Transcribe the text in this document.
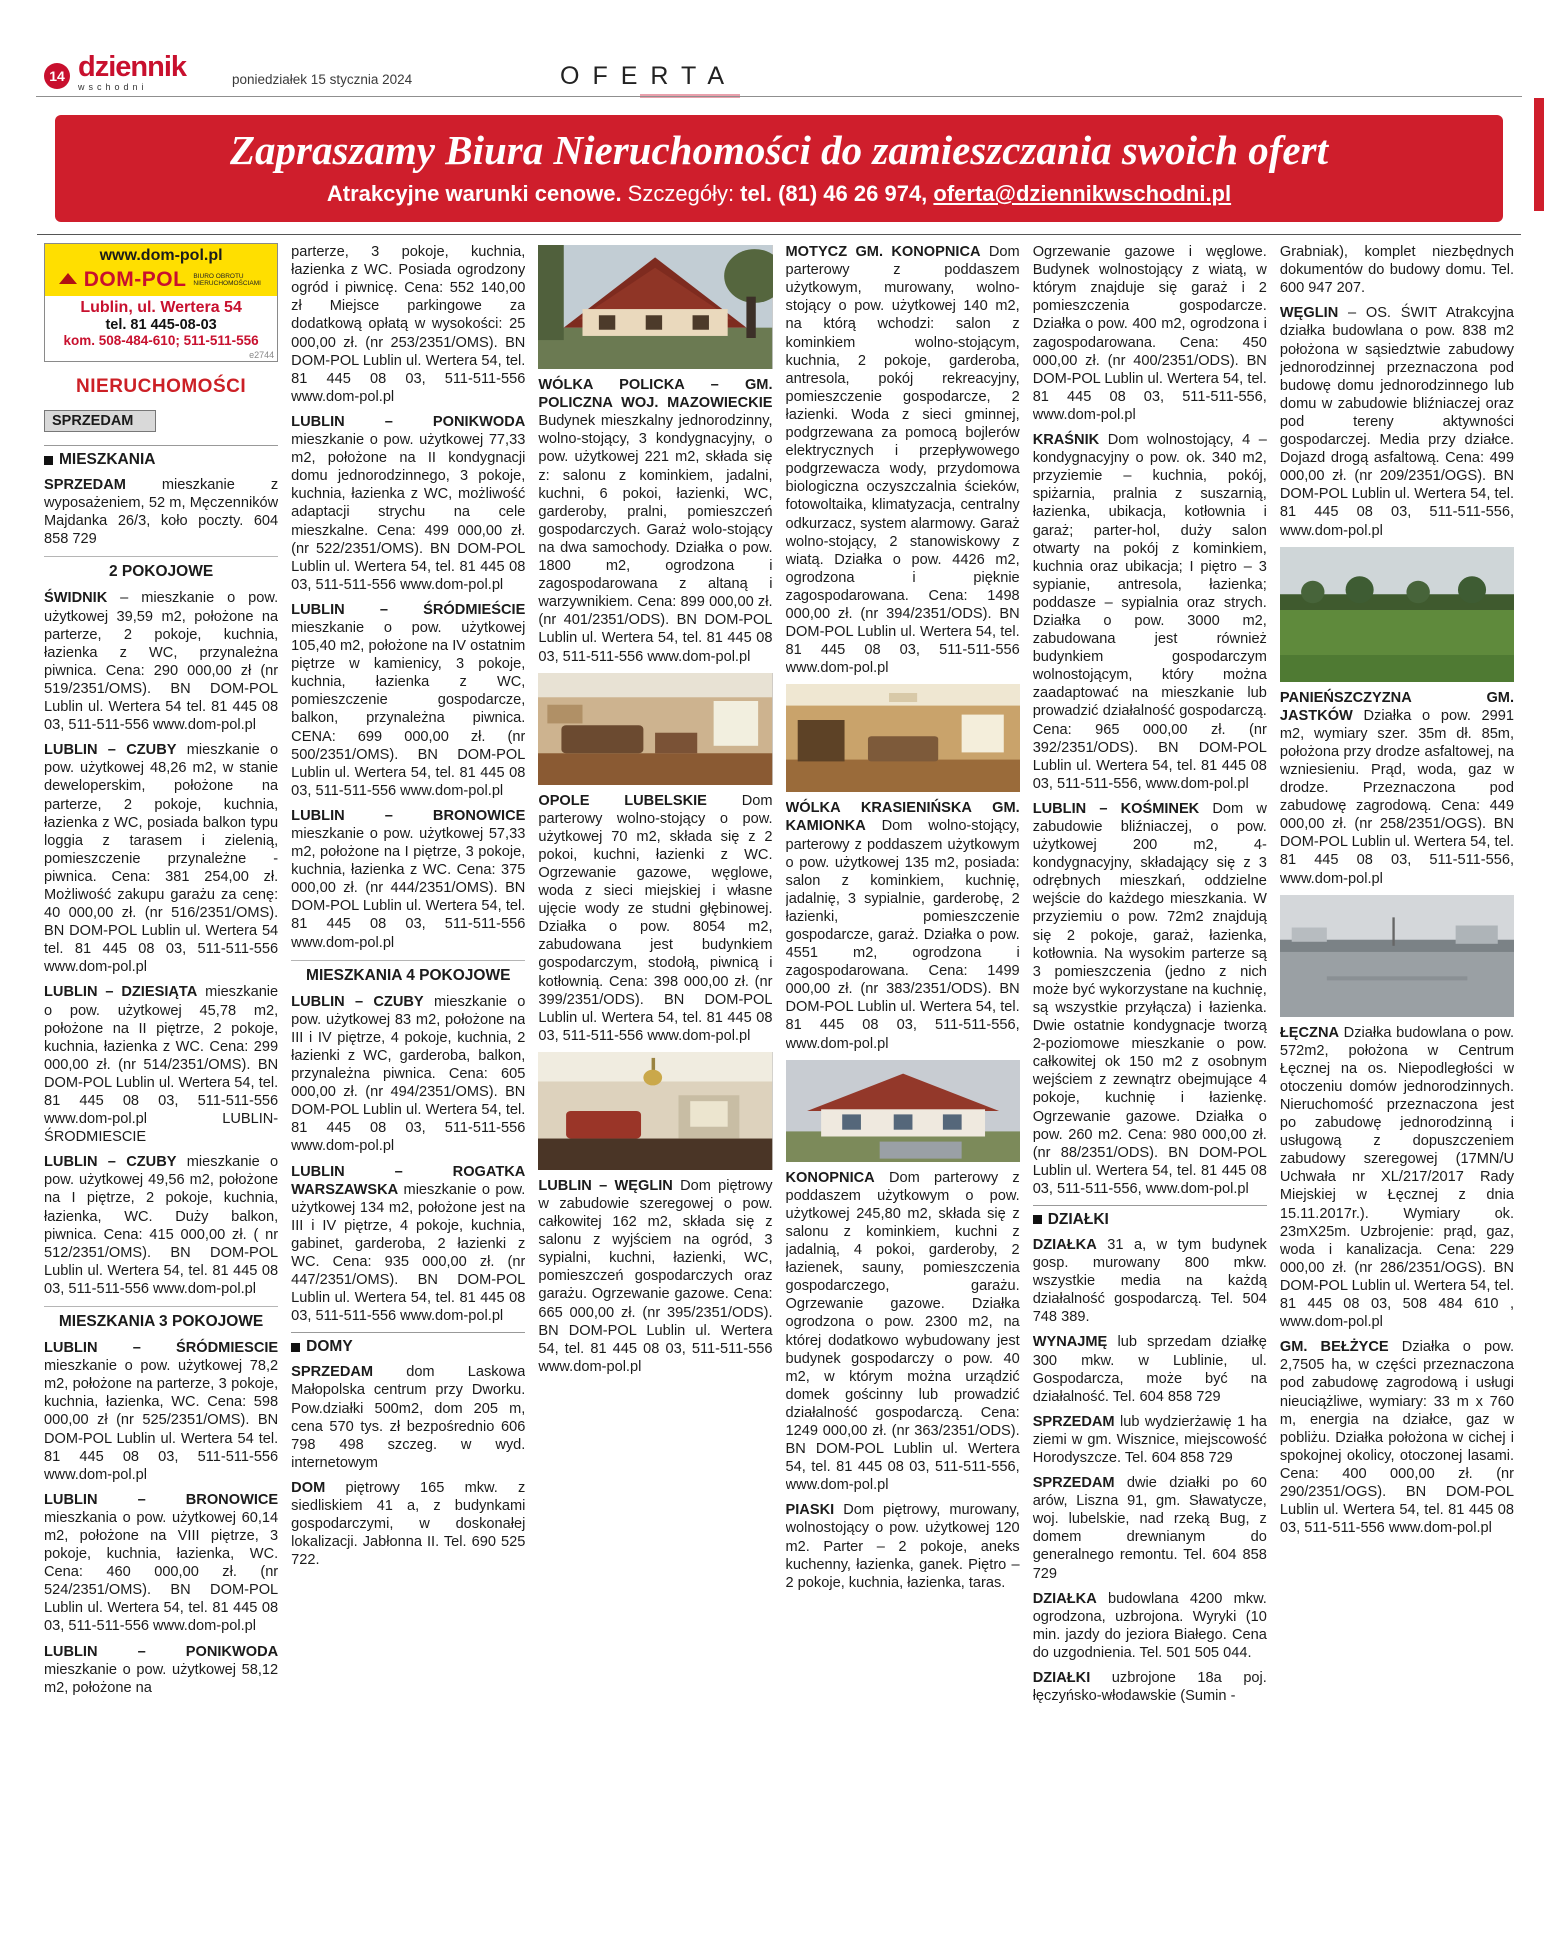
14 dziennik
wschodni	poniedziałek 15 stycznia 2024	OFERTA
Zapraszamy Biura Nieruchomości do zamieszczania swoich ofert
Atrakcyjne warunki cenowe. Szczegóły: tel. (81) 46 26 974, oferta@dziennikwschodni.pl
www.dom-pol.pl
DOM-POL BIURO OBROTU NIERUCHOMOŚCIAMI
Lublin, ul. Wertera 54
tel. 81 445-08-03
kom. 508-484-610; 511-511-556
e2744
NIERUCHOMOŚCI
SPRZEDAM
MIESZKANIA

SPRZEDAM mieszkanie z wyposażeniem, 52 m, Męczenników Majdanka 26/3, koło poczty. 604 858 729

2 POKOJOWE

ŚWIDNIK – mieszkanie o pow. użytkowej 39,59 m2, położone na parterze, 2 pokoje, kuchnia, łazienka z WC, przynależna piwnica. Cena: 290 000,00 zł (nr 519/2351/OMS). BN DOM-POL Lublin ul. Wertera 54 tel. 81 445 08 03, 511-511-556 www.dom-pol.pl

LUBLIN – CZUBY mieszkanie o pow. użytkowej 48,26 m2, w stanie deweloperskim, położone na parterze, 2 pokoje, kuchnia, łazienka z WC, posiada balkon typu loggia z tarasem i zielenią, pomieszczenie przynależne - piwnica. Cena: 381 254,00 zł. Możliwość zakupu garażu za cenę: 40 000,00 zł. (nr 516/2351/OMS). BN DOM-POL Lublin ul. Wertera 54 tel. 81 445 08 03, 511-511-556 www.dom-pol.pl

LUBLIN – DZIESIĄTA mieszkanie o pow. użytkowej 45,78 m2, położone na II piętrze, 2 pokoje, kuchnia, łazienka z WC. Cena: 299 000,00 zł. (nr 514/2351/OMS). BN DOM-POL Lublin ul. Wertera 54, tel. 81 445 08 03, 511-511-556 www.dom-pol.pl LUBLIN- ŚRODMIESCIE

LUBLIN – CZUBY mieszkanie o pow. użytkowej 49,56 m2, położone na I piętrze, 2 pokoje, kuchnia, łazienka, WC. Duży balkon, piwnica. Cena: 415 000,00 zł. ( nr 512/2351/OMS). BN DOM-POL Lublin ul. Wertera 54, tel. 81 445 08 03, 511-511-556 www.dom-pol.pl

MIESZKANIA 3 POKOJOWE

LUBLIN – ŚRÓDMIESCIE mieszkanie o pow. użytkowej 78,2 m2, położone na parterze, 3 pokoje, kuchnia, łazienka, WC. Cena: 598 000,00 zł (nr 525/2351/OMS). BN DOM-POL Lublin ul. Wertera 54 tel. 81 445 08 03, 511-511-556 www.dom-pol.pl

LUBLIN – BRONOWICE mieszkania o pow. użytkowej 60,14 m2, położone na VIII piętrze, 3 pokoje, kuchnia, łazienka, WC. Cena: 460 000,00 zł. (nr 524/2351/OMS). BN DOM-POL Lublin ul. Wertera 54, tel. 81 445 08 03, 511-511-556 www.dom-pol.pl

LUBLIN – PONIKWODA mieszkanie o pow. użytkowej 58,12 m2, położone na

parterze, 3 pokoje, kuchnia, łazienka z WC. Posiada ogrodzony ogród i piwnicę. Cena: 552 140,00 zł Miejsce parkingowe za dodatkową opłatą w wysokości: 25 000,00 zł. (nr 253/2351/OMS). BN DOM-POL Lublin ul. Wertera 54, tel. 81 445 08 03, 511-511-556 www.dom-pol.pl

LUBLIN – PONIKWODA mieszkanie o pow. użytkowej 77,33 m2, położone na II kondygnacji domu jednorodzinnego, 3 pokoje, kuchnia, łazienka z WC, możliwość adaptacji strychu na cele mieszkalne. Cena: 499 000,00 zł. (nr 522/2351/OMS). BN DOM-POL Lublin ul. Wertera 54, tel. 81 445 08 03, 511-511-556 www.dom-pol.pl

LUBLIN – ŚRÓDMIEŚCIE mieszkanie o pow. użytkowej 105,40 m2, położone na IV ostatnim piętrze w kamienicy, 3 pokoje, kuchnia, łazienka z WC, pomieszczenie gospodarcze, balkon, przynależna piwnica. CENA: 699 000,00 zł. (nr 500/2351/OMS). BN DOM-POL Lublin ul. Wertera 54, tel. 81 445 08 03, 511-511-556 www.dom-pol.pl

LUBLIN – BRONOWICE mieszkanie o pow. użytkowej 57,33 m2, położone na I piętrze, 3 pokoje, kuchnia, łazienka z WC. Cena: 375 000,00 zł. (nr 444/2351/OMS). BN DOM-POL Lublin ul. Wertera 54, tel. 81 445 08 03, 511-511-556 www.dom-pol.pl

MIESZKANIA 4 POKOJOWE

LUBLIN – CZUBY mieszkanie o pow. użytkowej 83 m2, położone na III i IV piętrze, 4 pokoje, kuchnia, 2 łazienki z WC, garderoba, balkon, przynależna piwnica. Cena: 605 000,00 zł. (nr 494/2351/OMS). BN DOM-POL Lublin ul. Wertera 54, tel. 81 445 08 03, 511-511-556 www.dom-pol.pl

LUBLIN – ROGATKA WARSZAWSKA mieszkanie o pow. użytkowej 134 m2, położone jest na III i IV piętrze, 4 pokoje, kuchnia, gabinet, garderoba, 2 łazienki z WC. Cena: 935 000,00 zł. (nr 447/2351/OMS). BN DOM-POL Lublin ul. Wertera 54, tel. 81 445 08 03, 511-511-556 www.dom-pol.pl

DOMY

SPRZEDAM dom Laskowa Małopolska centrum przy Dworku. Pow.działki 500m2, dom 205 m, cena 570 tys. zł bezpośrednio 606 798 498 szczeg. w wyd. internetowym

DOM piętrowy 165 mkw. z siedliskiem 41 a, z budynkami gospodarczymi, w doskonałej lokalizacji. Jabłonna II. Tel. 690 525 722.

WÓLKA POLICKA – GM. POLICZNA WOJ. MAZOWIECKIE Budynek mieszkalny jednorodzinny, wolno-stojący, 3 kondygnacyjny, o pow. użytkowej 221 m2, składa się z: salonu z kominkiem, jadalni, kuchni, 6 pokoi, łazienki, WC, garderoby, pralni, pomieszczeń gospodarczych. Garaż wolo-stojący na dwa samochody. Działka o pow. 1800 m2, ogrodzona i zagospodarowana z altaną i warzywnikiem. Cena: 899 000,00 zł. (nr 401/2351/ODS). BN DOM-POL Lublin ul. Wertera 54, tel. 81 445 08 03, 511-511-556 www.dom-pol.pl

OPOLE LUBELSKIE Dom parterowy wolno-stojący o pow. użytkowej 70 m2, składa się z 2 pokoi, kuchni, łazienki z WC. Ogrzewanie gazowe, węglowe, woda z sieci miejskiej i własne ujęcie wody ze studni głębinowej. Działka o pow. 8054 m2, zabudowana jest budynkiem gospodarczym, stodołą, piwnicą i kotłownią. Cena: 398 000,00 zł. (nr 399/2351/ODS). BN DOM-POL Lublin ul. Wertera 54, tel. 81 445 08 03, 511-511-556 www.dom-pol.pl

LUBLIN – WĘGLIN Dom piętrowy w zabudowie szeregowej o pow. całkowitej 162 m2, składa się z salonu z wyjściem na ogród, 3 sypialni, kuchni, łazienki, WC, pomieszczeń gospodarczych oraz garażu. Ogrzewanie gazowe. Cena: 665 000,00 zł. (nr 395/2351/ODS). BN DOM-POL Lublin ul. Wertera 54, tel. 81 445 08 03, 511-511-556 www.dom-pol.pl

MOTYCZ GM. KONOPNICA Dom parterowy z poddaszem użytkowym, murowany, wolno-stojący o pow. użytkowej 140 m2, na którą wchodzi: salon z kominkiem wolno-stojącym, kuchnia, 2 pokoje, garderoba, antresola, pokój rekreacyjny, pomieszczenie gospodarcze, 2 łazienki. Woda z sieci gminnej, podgrzewana za pomocą bojlerów elektrycznych i przepływowego podgrzewacza wody, przydomowa biologiczna oczyszczalnia ścieków, fotowoltaika, klimatyzacja, centralny odkurzacz, system alarmowy. Garaż wolno-stojący, 2 stanowiskowy z wiatą. Działka o pow. 4426 m2, ogrodzona i pięknie zagospodarowana. Cena: 1498 000,00 zł. (nr 394/2351/ODS). BN DOM-POL Lublin ul. Wertera 54, tel. 81 445 08 03, 511-511-556 www.dom-pol.pl

WÓLKA KRASIENIŃSKA GM. KAMIONKA Dom wolno-stojący, parterowy z poddaszem użytkowym o pow. użytkowej 135 m2, posiada: salon z kominkiem, kuchnię, jadalnię, 3 sypialnie, garderobę, 2 łazienki, pomieszczenie gospodarcze, garaż. Działka o pow. 4551 m2, ogrodzona i zagospodarowana. Cena: 1499 000,00 zł. (nr 383/2351/ODS). BN DOM-POL Lublin ul. Wertera 54, tel. 81 445 08 03, 511-511-556, www.dom-pol.pl

KONOPNICA Dom parterowy z poddaszem użytkowym o pow. użytkowej 245,80 m2, składa się z salonu z kominkiem, kuchni z jadalnią, 4 pokoi, garderoby, 2 łazienek, sauny, pomieszczenia gospodarczego, garażu. Ogrzewanie gazowe. Działka ogrodzona o pow. 2300 m2, na której dodatkowo wybudowany jest budynek gospodarczy o pow. 40 m2, w którym można urządzić domek gościnny lub prowadzić działalność gospodarczą. Cena: 1249 000,00 zł. (nr 363/2351/ODS). BN DOM-POL Lublin ul. Wertera 54, tel. 81 445 08 03, 511-511-556, www.dom-pol.pl

PIASKI Dom piętrowy, murowany, wolnostojący o pow. użytkowej 120 m2. Parter – 2 pokoje, aneks kuchenny, łazienka, ganek. Piętro – 2 pokoje, kuchnia, łazienka, taras.

Ogrzewanie gazowe i węglowe. Budynek wolnostojący z wiatą, w którym znajduje się garaż i 2 pomieszczenia gospodarcze. Działka o pow. 400 m2, ogrodzona i zagospodarowana. Cena: 450 000,00 zł. (nr 400/2351/ODS). BN DOM-POL Lublin ul. Wertera 54, tel. 81 445 08 03, 511-511-556, www.dom-pol.pl

KRAŚNIK Dom wolnostojący, 4 – kondygnacyjny o pow. ok. 340 m2, przyziemie – kuchnia, pokój, spiżarnia, pralnia z suszarnią, łazienka, ubikacja, kotłownia i garaż; parter-hol, duży salon otwarty na pokój z kominkiem, kuchnia oraz ubikacja; I piętro – 3 sypianie, antresola, łazienka; poddasze – sypialnia oraz strych. Działka o pow. 3000 m2, zabudowana jest również budynkiem gospodarczym wolnostojącym, który można zaadaptować na mieszkanie lub prowadzić działalność gospodarczą. Cena: 965 000,00 zł. (nr 392/2351/ODS). BN DOM-POL Lublin ul. Wertera 54, tel. 81 445 08 03, 511-511-556, www.dom-pol.pl

LUBLIN – KOŚMINEK Dom w zabudowie bliźniaczej, o pow. użytkowej 200 m2, 4-kondygnacyjny, składający się z 3 odrębnych mieszkań, oddzielne wejście do każdego mieszkania. W przyziemiu o pow. 72m2 znajdują się 2 pokoje, garaż, łazienka, kotłownia. Na wysokim parterze są 3 pomieszczenia (jedno z nich może być wykorzystane na kuchnię, są wszystkie przyłącza) i łazienka. Dwie ostatnie kondygnacje tworzą 2-poziomowe mieszkanie o pow. całkowitej ok 150 m2 z osobnym wejściem z zewnątrz obejmujące 4 pokoje, kuchnię i łazienkę. Ogrzewanie gazowe. Działka o pow. 260 m2. Cena: 980 000,00 zł. (nr 88/2351/ODS). BN DOM-POL Lublin ul. Wertera 54, tel. 81 445 08 03, 511-511-556, www.dom-pol.pl

DZIAŁKI

DZIAŁKA 31 a, w tym budynek gosp. murowany 800 mkw. wszystkie media na każdą działalność gospodarczą. Tel. 504 748 389.

WYNAJMĘ lub sprzedam działkę 300 mkw. w Lublinie, ul. Gospodarcza, może być na działalność. Tel. 604 858 729

SPRZEDAM lub wydzierżawię 1 ha ziemi w gm. Wisznice, miejscowość Horodyszcze. Tel. 604 858 729

SPRZEDAM dwie działki po 60 arów, Liszna 91, gm. Sławatycze, woj. lubelskie, nad rzeką Bug, z domem drewnianym do generalnego remontu. Tel. 604 858 729

DZIAŁKA budowlana 4200 mkw. ogrodzona, uzbrojona. Wyryki (10 min. jazdy do jeziora Białego. Cena do uzgodnienia. Tel. 501 505 044.

DZIAŁKI uzbrojone 18a poj. łęczyńsko-włodawskie (Sumin -

Grabniak), komplet niezbędnych dokumentów do budowy domu. Tel. 600 947 207.

WĘGLIN – OS. ŚWIT Atrakcyjna działka budowlana o pow. 838 m2 położona w sąsiedztwie zabudowy jednorodzinnej przeznaczona pod budowę domu jednorodzinnego lub domu w zabudowie bliźniaczej oraz pod tereny aktywności gospodarczej. Media przy działce. Dojazd drogą asfaltową. Cena: 499 000,00 zł. (nr 209/2351/OGS). BN DOM-POL Lublin ul. Wertera 54, tel. 81 445 08 03, 511-511-556, www.dom-pol.pl

PANIEŃSZCZYZNA GM. JASTKÓW Działka o pow. 2991 m2, wymiary szer. 35m dł. 85m, położona przy drodze asfaltowej, na wzniesieniu. Prąd, woda, gaz w drodze. Przeznaczona pod zabudowę zagrodową. Cena: 449 000,00 zł. (nr 258/2351/OGS). BN DOM-POL Lublin ul. Wertera 54, tel. 81 445 08 03, 511-511-556, www.dom-pol.pl

ŁĘCZNA Działka budowlana o pow. 572m2, położona w Centrum Łęcznej na os. Niepodległości w otoczeniu domów jednorodzinnych. Nieruchomość przeznaczona jest po zabudowę jednorodzinną i usługową z dopuszczeniem zabudowy szeregowej (17MN/U Uchwała nr XL/217/2017 Rady Miejskiej w Łęcznej z dnia 15.11.2017r.). Wymiary ok. 23mX25m. Uzbrojenie: prąd, gaz, woda i kanalizacja. Cena: 229 000,00 zł. (nr 286/2351/OGS). BN DOM-POL Lublin ul. Wertera 54, tel. 81 445 08 03, 508 484 610 , www.dom-pol.pl

GM. BEŁŻYCE Działka o pow. 2,7505 ha, w części przeznaczona pod zabudowę zagrodową i usługi nieuciążliwe, wymiary: 33 m x 760 m, energia na działce, gaz w pobliżu. Działka położona w cichej i spokojnej okolicy, otoczonej lasami. Cena: 400 000,00 zł. (nr 290/2351/OGS). BN DOM-POL Lublin ul. Wertera 54, tel. 81 445 08 03, 511-511-556 www.dom-pol.pl
